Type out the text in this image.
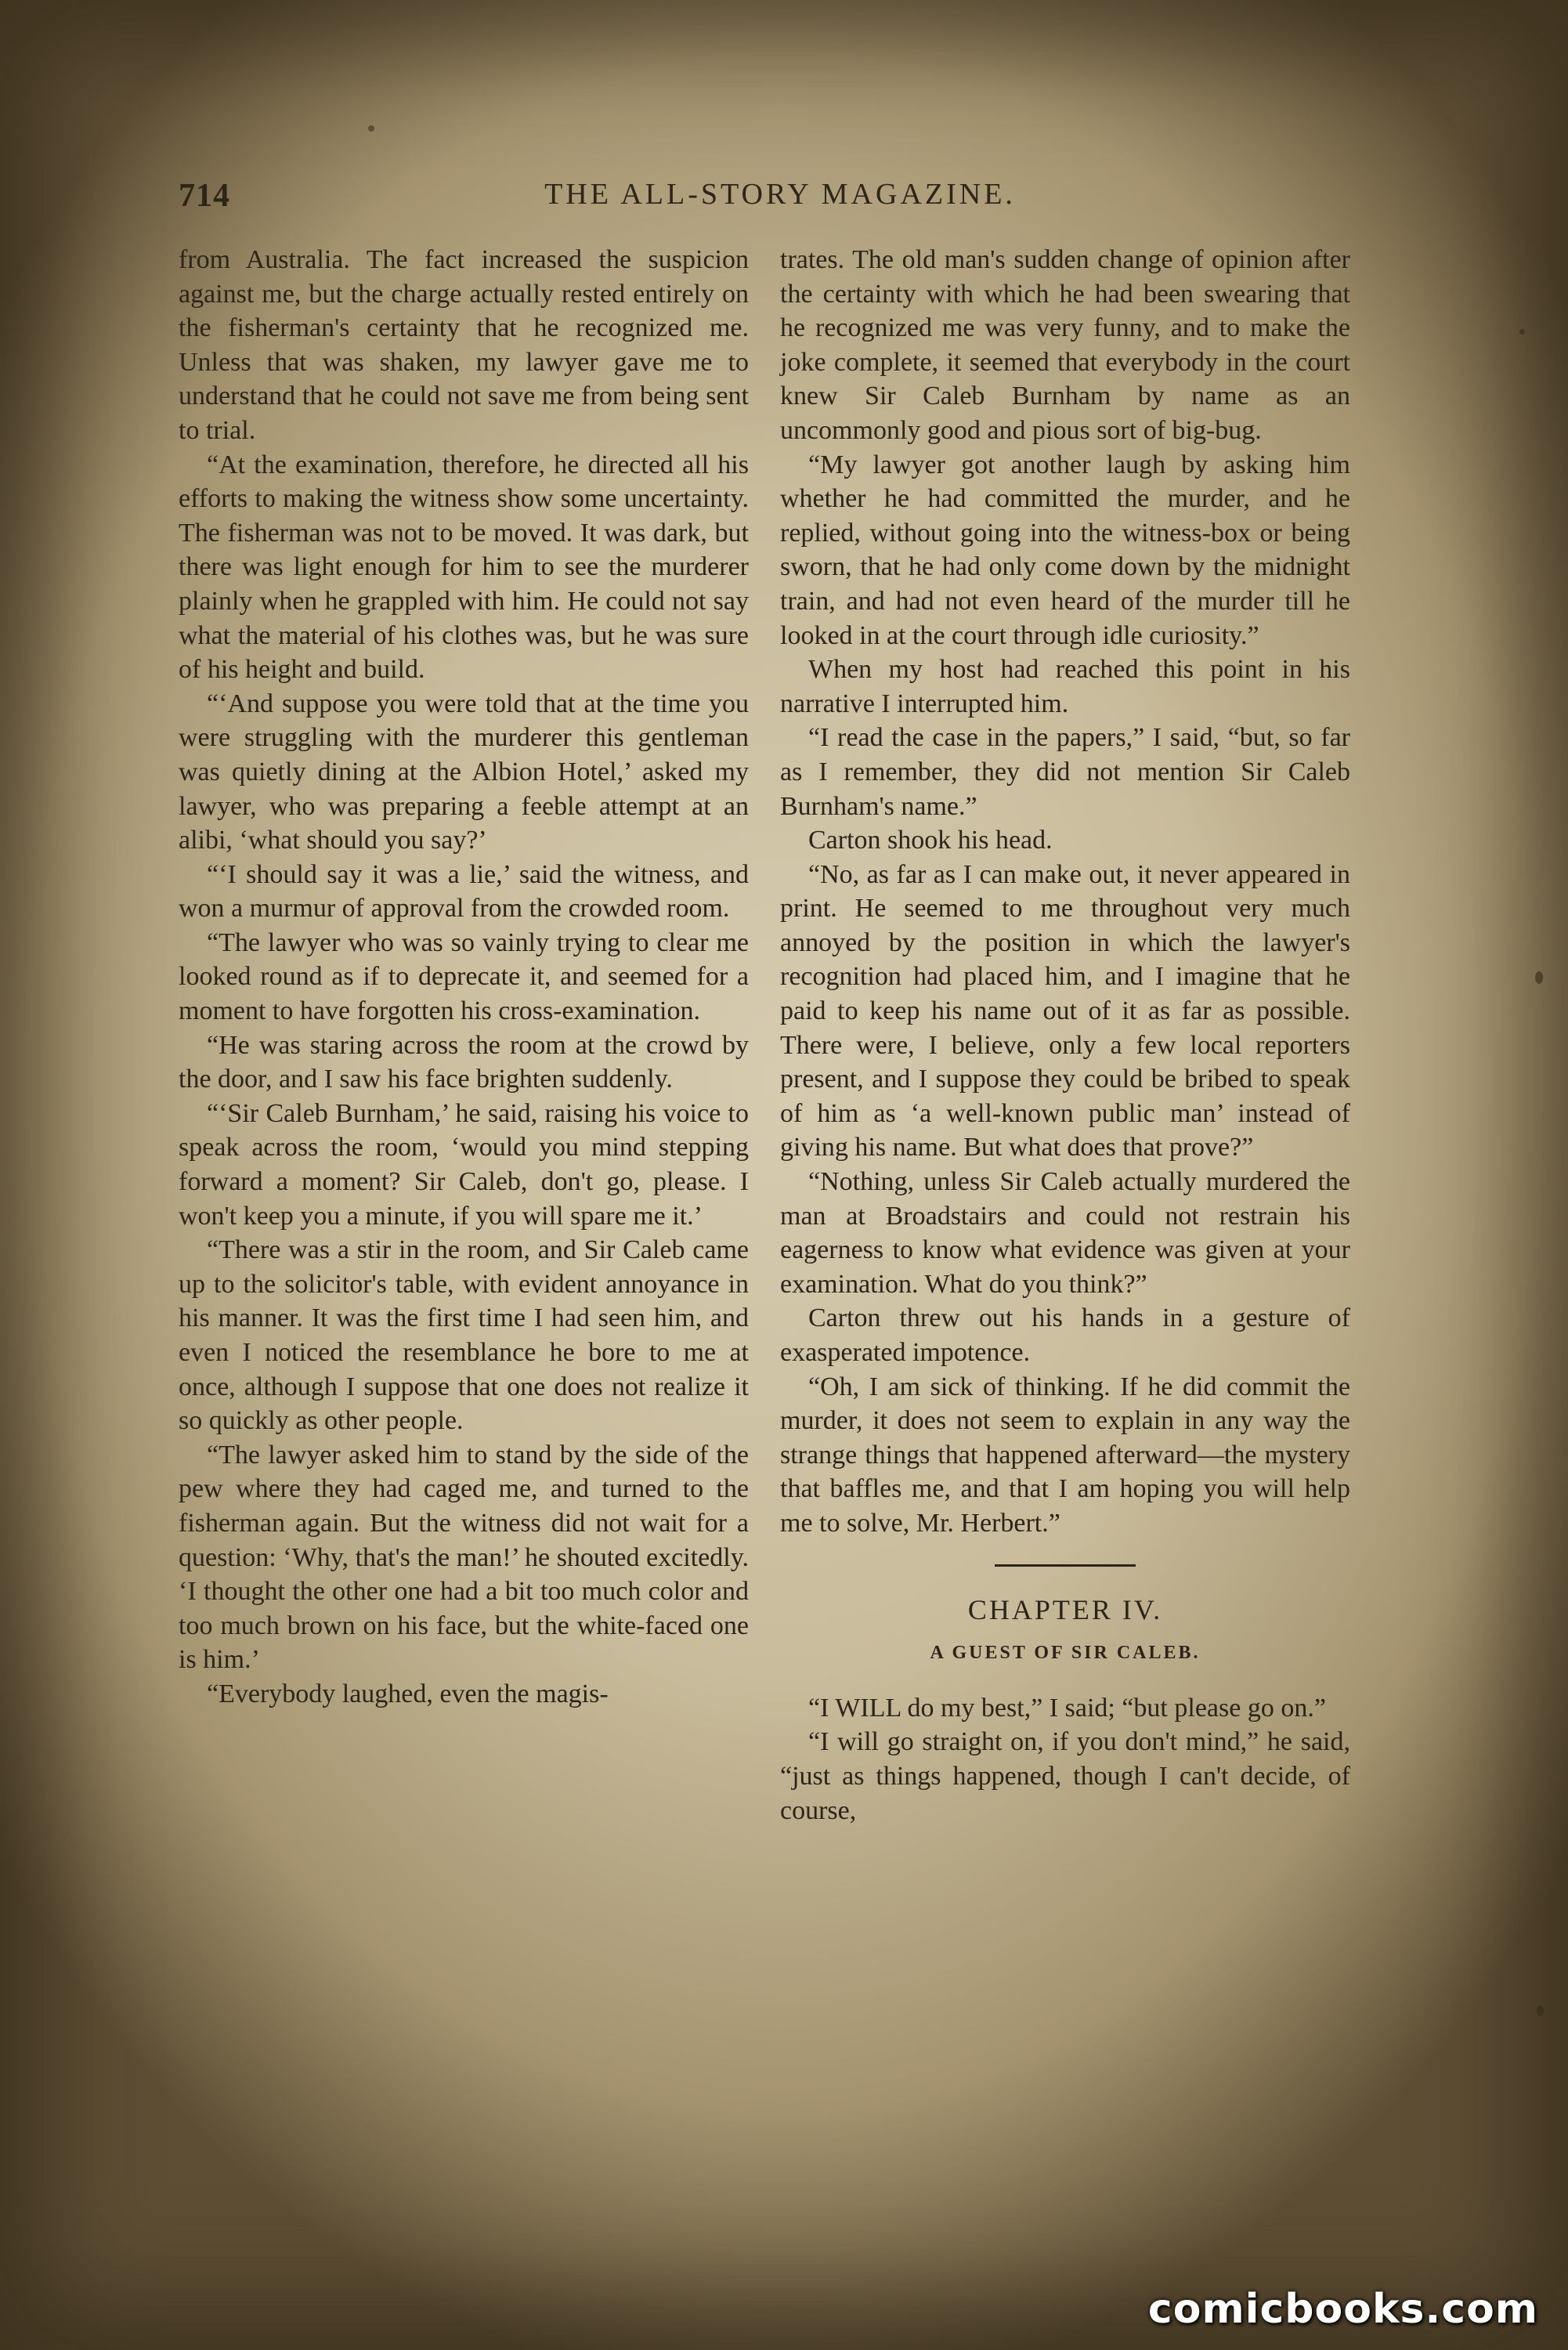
714	THE ALL-STORY MAGAZINE.

from Australia. The fact increased the suspicion against me, but the charge actually rested entirely on the fisherman's certainty that he recognized me. Unless that was shaken, my lawyer gave me to understand that he could not save me from being sent to trial.

“At the examination, therefore, he directed all his efforts to making the witness show some uncertainty. The fisherman was not to be moved. It was dark, but there was light enough for him to see the murderer plainly when he grappled with him. He could not say what the material of his clothes was, but he was sure of his height and build.

“‘And suppose you were told that at the time you were struggling with the murderer this gentleman was quietly dining at the Albion Hotel,’ asked my lawyer, who was preparing a feeble attempt at an alibi, ‘what should you say?’

“‘I should say it was a lie,’ said the witness, and won a murmur of approval from the crowded room.

“The lawyer who was so vainly trying to clear me looked round as if to deprecate it, and seemed for a moment to have forgotten his cross-examination.

“He was staring across the room at the crowd by the door, and I saw his face brighten suddenly.

“‘Sir Caleb Burnham,’ he said, raising his voice to speak across the room, ‘would you mind stepping forward a moment? Sir Caleb, don't go, please. I won't keep you a minute, if you will spare me it.’

“There was a stir in the room, and Sir Caleb came up to the solicitor's table, with evident annoyance in his manner. It was the first time I had seen him, and even I noticed the resemblance he bore to me at once, although I suppose that one does not realize it so quickly as other people.

“The lawyer asked him to stand by the side of the pew where they had caged me, and turned to the fisherman again. But the witness did not wait for a question: ‘Why, that's the man!’ he shouted excitedly. ‘I thought the other one had a bit too much color and too much brown on his face, but the white-faced one is him.’

“Everybody laughed, even the magis-

trates. The old man's sudden change of opinion after the certainty with which he had been swearing that he recognized me was very funny, and to make the joke complete, it seemed that everybody in the court knew Sir Caleb Burnham by name as an uncommonly good and pious sort of big-bug.

“My lawyer got another laugh by asking him whether he had committed the murder, and he replied, without going into the witness-box or being sworn, that he had only come down by the midnight train, and had not even heard of the murder till he looked in at the court through idle curiosity.”

When my host had reached this point in his narrative I interrupted him.

“I read the case in the papers,” I said, “but, so far as I remember, they did not mention Sir Caleb Burnham's name.”

Carton shook his head.

“No, as far as I can make out, it never appeared in print. He seemed to me throughout very much annoyed by the position in which the lawyer's recognition had placed him, and I imagine that he paid to keep his name out of it as far as possible. There were, I believe, only a few local reporters present, and I suppose they could be bribed to speak of him as ‘a well-known public man’ instead of giving his name. But what does that prove?”

“Nothing, unless Sir Caleb actually murdered the man at Broadstairs and could not restrain his eagerness to know what evidence was given at your examination. What do you think?”

Carton threw out his hands in a gesture of exasperated impotence.

“Oh, I am sick of thinking. If he did commit the murder, it does not seem to explain in any way the strange things that happened afterward—the mystery that baffles me, and that I am hoping you will help me to solve, Mr. Herbert.”

CHAPTER IV.

A GUEST OF SIR CALEB.

“I WILL do my best,” I said; “but please go on.”

“I will go straight on, if you don't mind,” he said, “just as things happened, though I can't decide, of course,

comicbooks.com
